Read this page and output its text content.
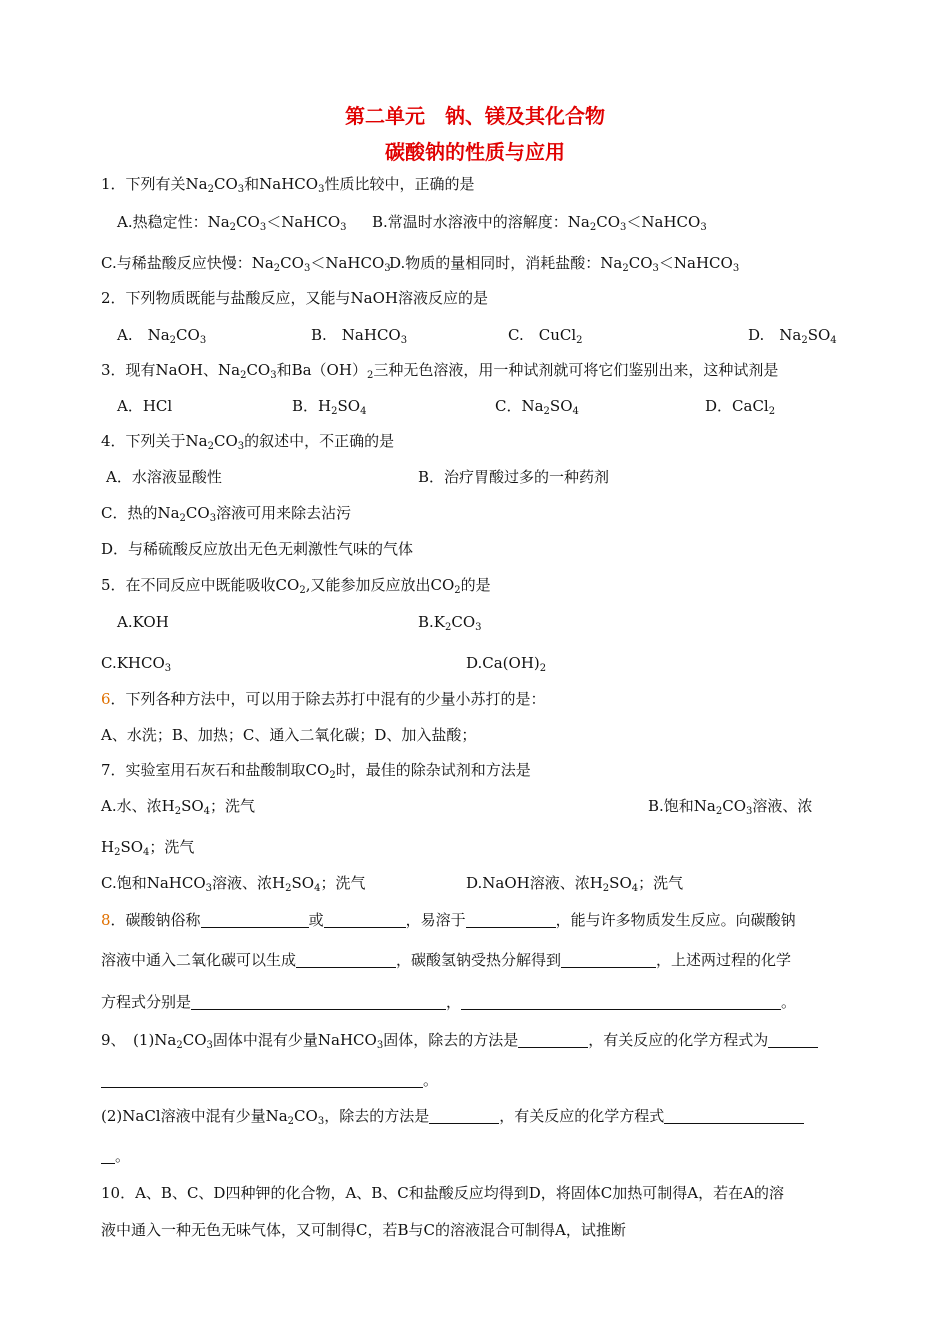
第二单元　钠、镁及其化合物
碳酸钠的性质与应用
1．下列有关$Na_2CO_3$和NaHCO$_3$性质比较中，正确的是
A.热稳定性：$Na_2CO_3<NaHCO_3$ B.常温时水溶液中的溶解度：$Na_2CO_3<NaHCO_3$
C.与稀盐酸反应快慢：$Na_2CO_3<NaHCO_3$
D.物质的量相同时，消耗盐酸：$Na_2CO_3<NaHCO_3$
2．下列物质既能与盐酸反应，又能与NaOH溶液反应的是
A.　$Na_2CO_3$	B.　NaHCO$_3$	C.　CuCl$_2$	D.　$Na_2SO_4$
3．现有NaOH、$Na_2CO_3$和$Ba(OH)_2$三种无色溶液，用一种试剂就可将它们鉴别出来，这种试剂是
A．HCl	B．$H_2SO_4$	C．$Na_2SO_4$	D．CaCl$_2$
4．下列关于$Na_2CO_3$的叙述中，不正确的是
A．水溶液显酸性	B．治疗胃酸过多的一种药剂
C．热的$Na_2CO_3$溶液可用来除去沾污
D．与稀硫酸反应放出无色无刺激性气味的气体
5．在不同反应中既能吸收$CO_2$,又能参加反应放出$CO_2$的是
A.KOH	$B.K_2CO_3$
$C.KHCO_3$	$D.Ca(OH)_2$
6．下列各种方法中，可以用于除去苏打中混有的少量小苏打的是：
A、水洗；B、加热；C、通入二氧化碳；D、加入盐酸；
7．实验室用石灰石和盐酸制取$CO_2$时，最佳的除杂试剂和方法是
A.水、浓$H_2SO_4$；洗气	B.饱和$Na_2CO_3$溶液、浓
$H_2SO_4$；洗气
C.饱和NaHCO$_3$溶液、浓$H_2SO_4$；洗气	D.NaOH溶液、浓$H_2SO_4$；洗气
8．碳酸钠俗称	或	，易溶于	，能与许多物质发生反应。向碳酸钠
溶液中通入二氧化碳可以生成	，碳酸氢钠受热分解得到	，上述两过程的化学
方程式分别是	，	。
9、　$(1)Na_2CO_3$固体中混有少量NaHCO$_3$固体，除去的方法是	，有关反应的化学方程式为
。
(2)NaCl溶液中混有少量$Na_2CO_3$，除去的方法是	，有关反应的化学方程式
。
10．A、B、C、D四种钾的化合物，A、B、C和盐酸反应均得到D，将固体C加热可制得A，若在A的溶
液中通入一种无色无味气体，又可制得C，若B与C的溶液混合可制得A，试推断
